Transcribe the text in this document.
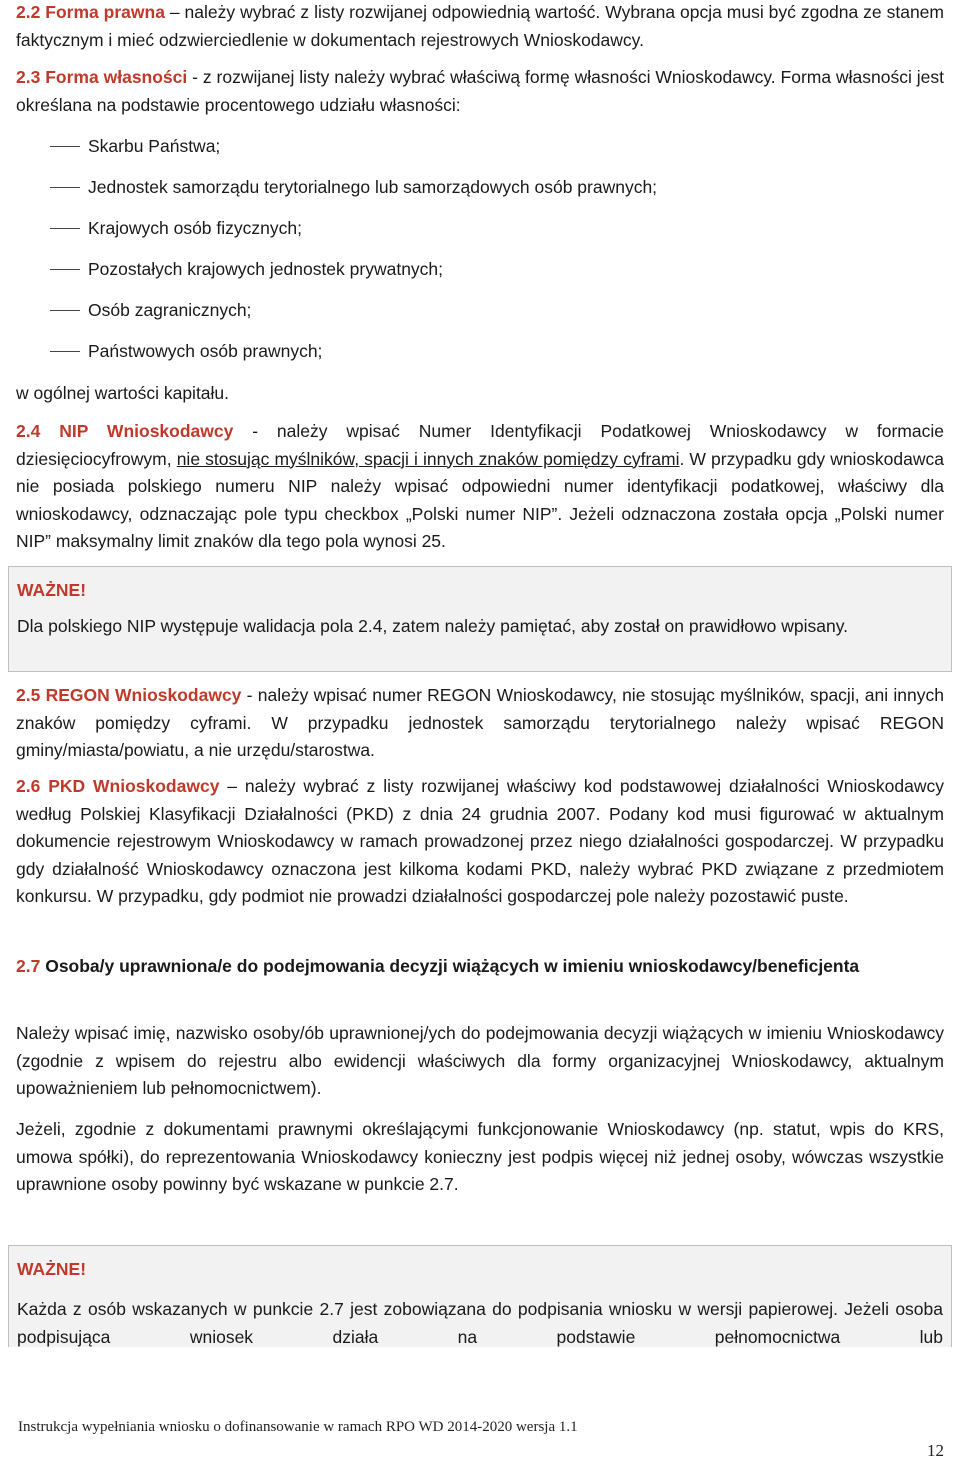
2.2 Forma prawna – należy wybrać z listy rozwijanej odpowiednią wartość. Wybrana opcja musi być zgodna ze stanem faktycznym i mieć odzwierciedlenie w dokumentach rejestrowych Wnioskodawcy.

2.3 Forma własności - z rozwijanej listy należy wybrać właściwą formę własności Wnioskodawcy. Forma własności jest określana na podstawie procentowego udziału własności:

Skarbu Państwa;
Jednostek samorządu terytorialnego lub samorządowych osób prawnych;
Krajowych osób fizycznych;
Pozostałych krajowych jednostek prywatnych;
Osób zagranicznych;
Państwowych osób prawnych;

w ogólnej wartości kapitału.

2.4 NIP Wnioskodawcy - należy wpisać Numer Identyfikacji Podatkowej Wnioskodawcy w formacie dziesięciocyfrowym, nie stosując myślników, spacji i innych znaków pomiędzy cyframi. W przypadku gdy wnioskodawca nie posiada polskiego numeru NIP należy wpisać odpowiedni numer identyfikacji podatkowej, właściwy dla wnioskodawcy, odznaczając pole typu checkbox „Polski numer NIP”. Jeżeli odznaczona została opcja „Polski numer NIP” maksymalny limit znaków dla tego pola wynosi 25.

WAŻNE!

Dla polskiego NIP występuje walidacja pola 2.4, zatem należy pamiętać, aby został on prawidłowo wpisany.

2.5 REGON Wnioskodawcy - należy wpisać numer REGON Wnioskodawcy, nie stosując myślników, spacji, ani innych znaków pomiędzy cyframi. W przypadku jednostek samorządu terytorialnego należy wpisać REGON gminy/miasta/powiatu, a nie urzędu/starostwa.

2.6 PKD Wnioskodawcy – należy wybrać z listy rozwijanej właściwy kod podstawowej działalności Wnioskodawcy według Polskiej Klasyfikacji Działalności (PKD) z dnia 24 grudnia 2007. Podany kod musi figurować w aktualnym dokumencie rejestrowym Wnioskodawcy w ramach prowadzonej przez niego działalności gospodarczej. W przypadku gdy działalność Wnioskodawcy oznaczona jest kilkoma kodami PKD, należy wybrać PKD związane z przedmiotem konkursu. W przypadku, gdy podmiot nie prowadzi działalności gospodarczej pole należy pozostawić puste.

2.7 Osoba/y uprawniona/e do podejmowania decyzji wiążących w imieniu wnioskodawcy/beneficjenta

Należy wpisać imię, nazwisko osoby/ób uprawnionej/ych do podejmowania decyzji wiążących w imieniu Wnioskodawcy (zgodnie z wpisem do rejestru albo ewidencji właściwych dla formy organizacyjnej Wnioskodawcy, aktualnym upoważnieniem lub pełnomocnictwem).

Jeżeli, zgodnie z dokumentami prawnymi określającymi funkcjonowanie Wnioskodawcy (np. statut, wpis do KRS, umowa spółki), do reprezentowania Wnioskodawcy konieczny jest podpis więcej niż jednej osoby, wówczas wszystkie uprawnione osoby powinny być wskazane w punkcie 2.7.

WAŻNE!

Każda z osób wskazanych w punkcie 2.7 jest zobowiązana do podpisania wniosku w wersji papierowej. Jeżeli osoba podpisująca wniosek działa na podstawie pełnomocnictwa lub

Instrukcja wypełniania wniosku o dofinansowanie w ramach RPO WD 2014-2020 wersja 1.1
12
